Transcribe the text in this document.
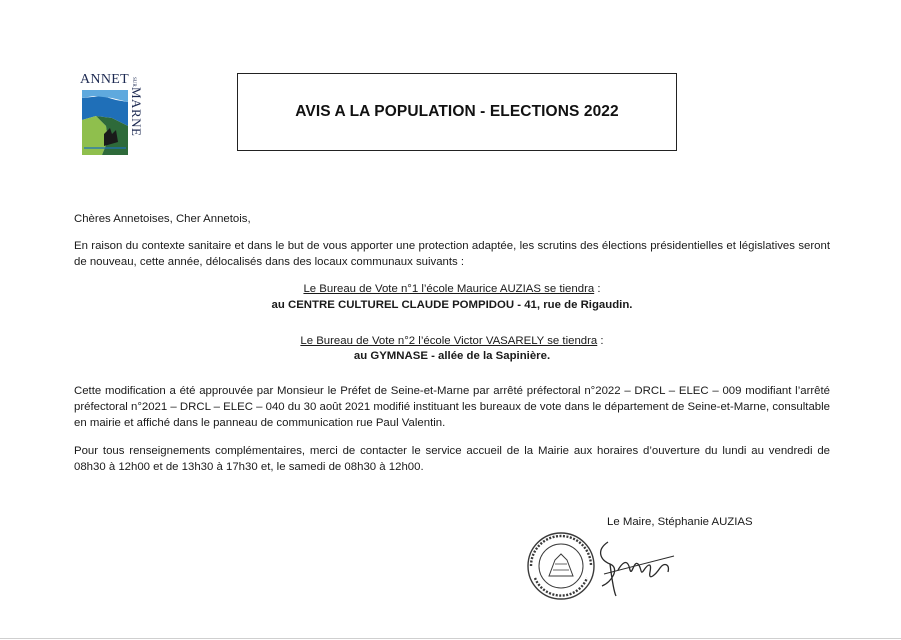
ANNET SUR
MARNE	AVIS A LA POPULATION - ELECTIONS 2022
Chères Annetoises, Cher Annetois,
En raison du contexte sanitaire et dans le but de vous apporter une protection adaptée, les scrutins des élections présidentielles et législatives seront de nouveau, cette année, délocalisés dans des locaux communaux suivants :
Le Bureau de Vote n°1 l’école Maurice AUZIAS se tiendra :
au CENTRE CULTUREL CLAUDE POMPIDOU - 41, rue de Rigaudin.
Le Bureau de Vote n°2 l’école Victor VASARELY se tiendra :
au GYMNASE - allée de la Sapinière.
Cette modification a été approuvée par Monsieur le Préfet de Seine-et-Marne par arrêté préfectoral n°2022 – DRCL – ELEC – 009 modifiant l’arrêté préfectoral n°2021 – DRCL – ELEC – 040 du 30 août 2021 modifié instituant les bureaux de vote dans le département de Seine-et-Marne, consultable en mairie et affiché dans le panneau de communication rue Paul Valentin.
Pour tous renseignements complémentaires, merci de contacter le service accueil de la Mairie aux horaires d’ouverture du lundi au vendredi de 08h30 à 12h00 et de 13h30 à 17h30 et, le samedi de 08h30 à 12h00.
Le Maire, Stéphanie AUZIAS
